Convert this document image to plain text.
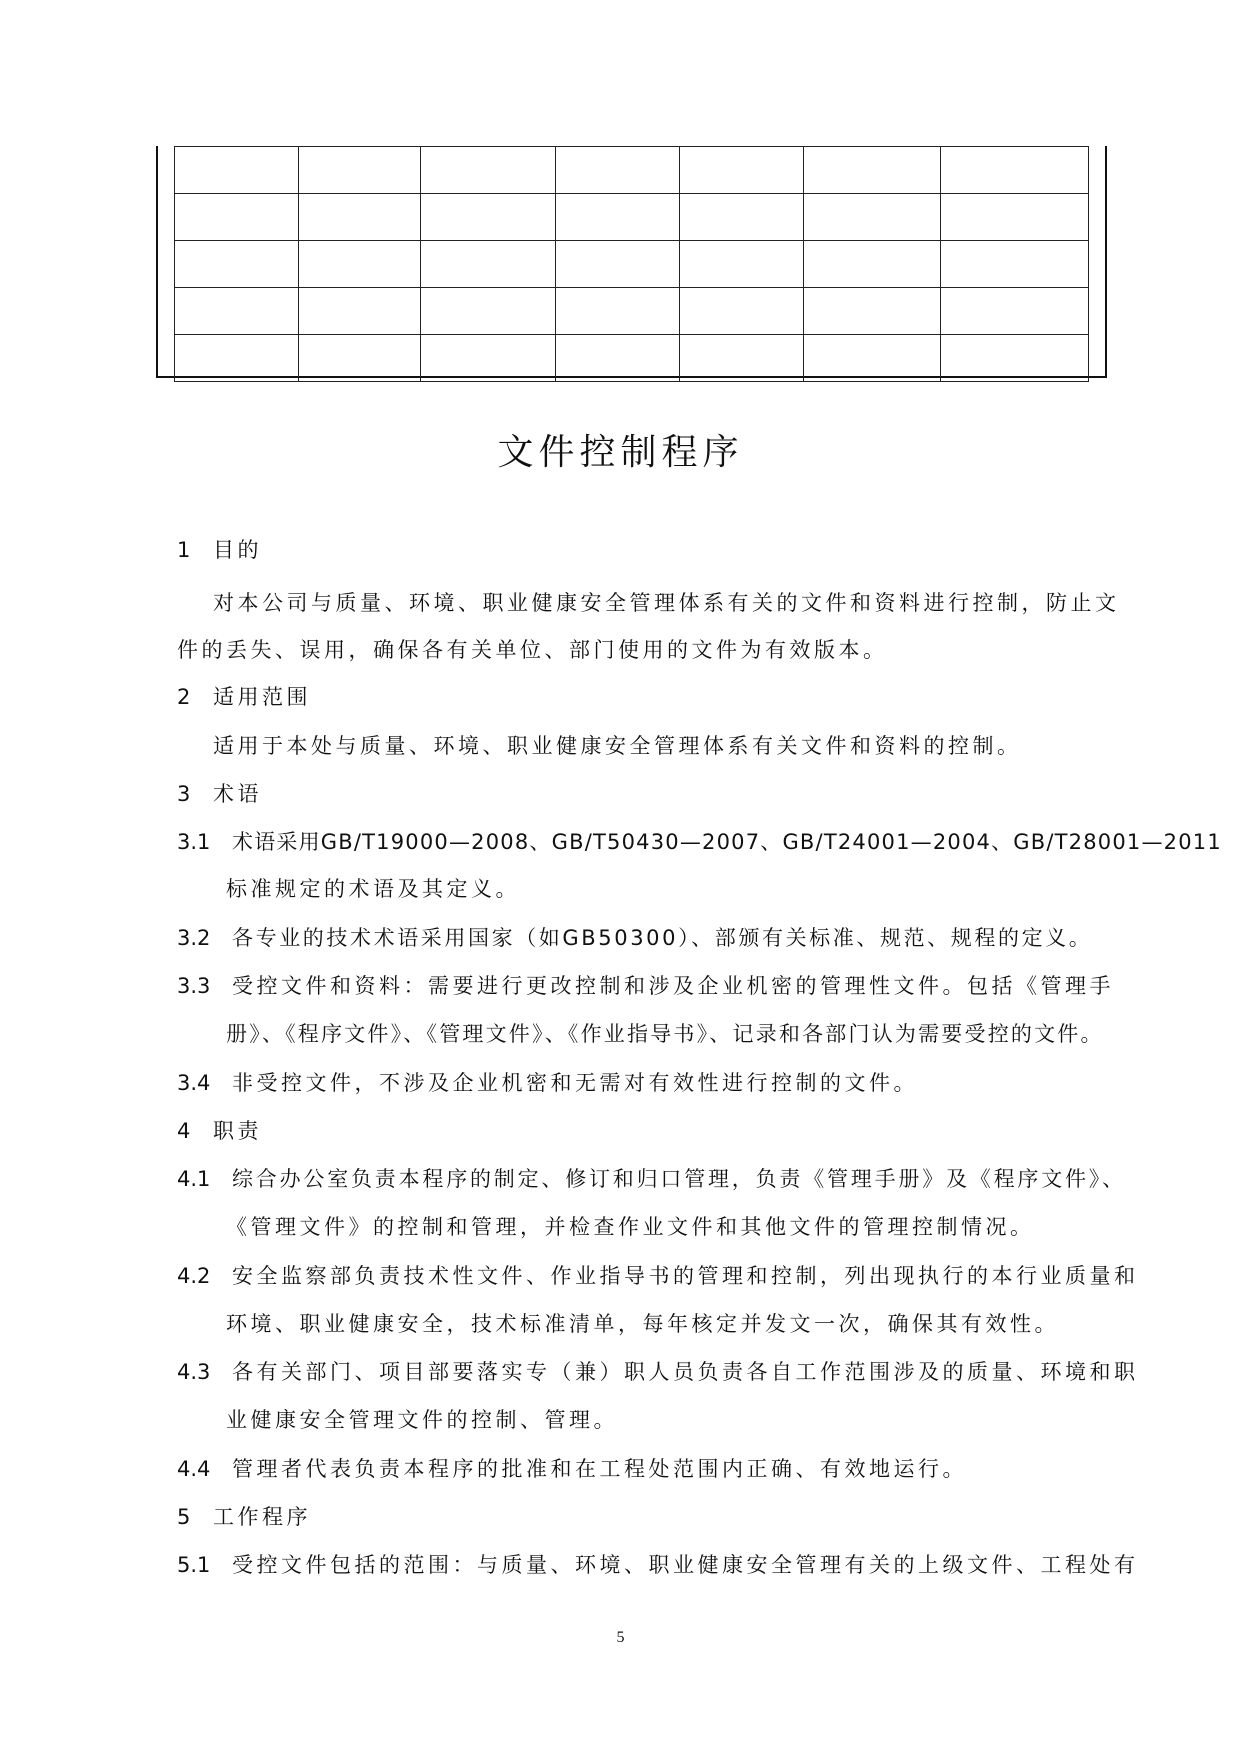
文件控制程序
1 目的
对本公司与质量、环境、职业健康安全管理体系有关的文件和资料进行控制，防止文
件的丢失、误用，确保各有关单位、部门使用的文件为有效版本。
2 适用范围
适用于本处与质量、环境、职业健康安全管理体系有关文件和资料的控制。
3 术语
3.1 术语采用GB/T19000—2008、GB/T50430—2007、GB/T24001—2004、GB/T28001—2011
标准规定的术语及其定义。
3.2 各专业的技术术语采用国家（如GB50300）、部颁有关标准、规范、规程的定义。
3.3 受控文件和资料：需要进行更改控制和涉及企业机密的管理性文件。包括《管理手
册》、《程序文件》、《管理文件》、《作业指导书》、记录和各部门认为需要受控的文件。
3.4 非受控文件，不涉及企业机密和无需对有效性进行控制的文件。
4 职责
4.1 综合办公室负责本程序的制定、修订和归口管理，负责《管理手册》及《程序文件》、
《管理文件》的控制和管理，并检查作业文件和其他文件的管理控制情况。
4.2 安全监察部负责技术性文件、作业指导书的管理和控制，列出现执行的本行业质量和
环境、职业健康安全，技术标准清单，每年核定并发文一次，确保其有效性。
4.3 各有关部门、项目部要落实专（兼）职人员负责各自工作范围涉及的质量、环境和职
业健康安全管理文件的控制、管理。
4.4 管理者代表负责本程序的批准和在工程处范围内正确、有效地运行。
5 工作程序
5.1 受控文件包括的范围：与质量、环境、职业健康安全管理有关的上级文件、工程处有
5
